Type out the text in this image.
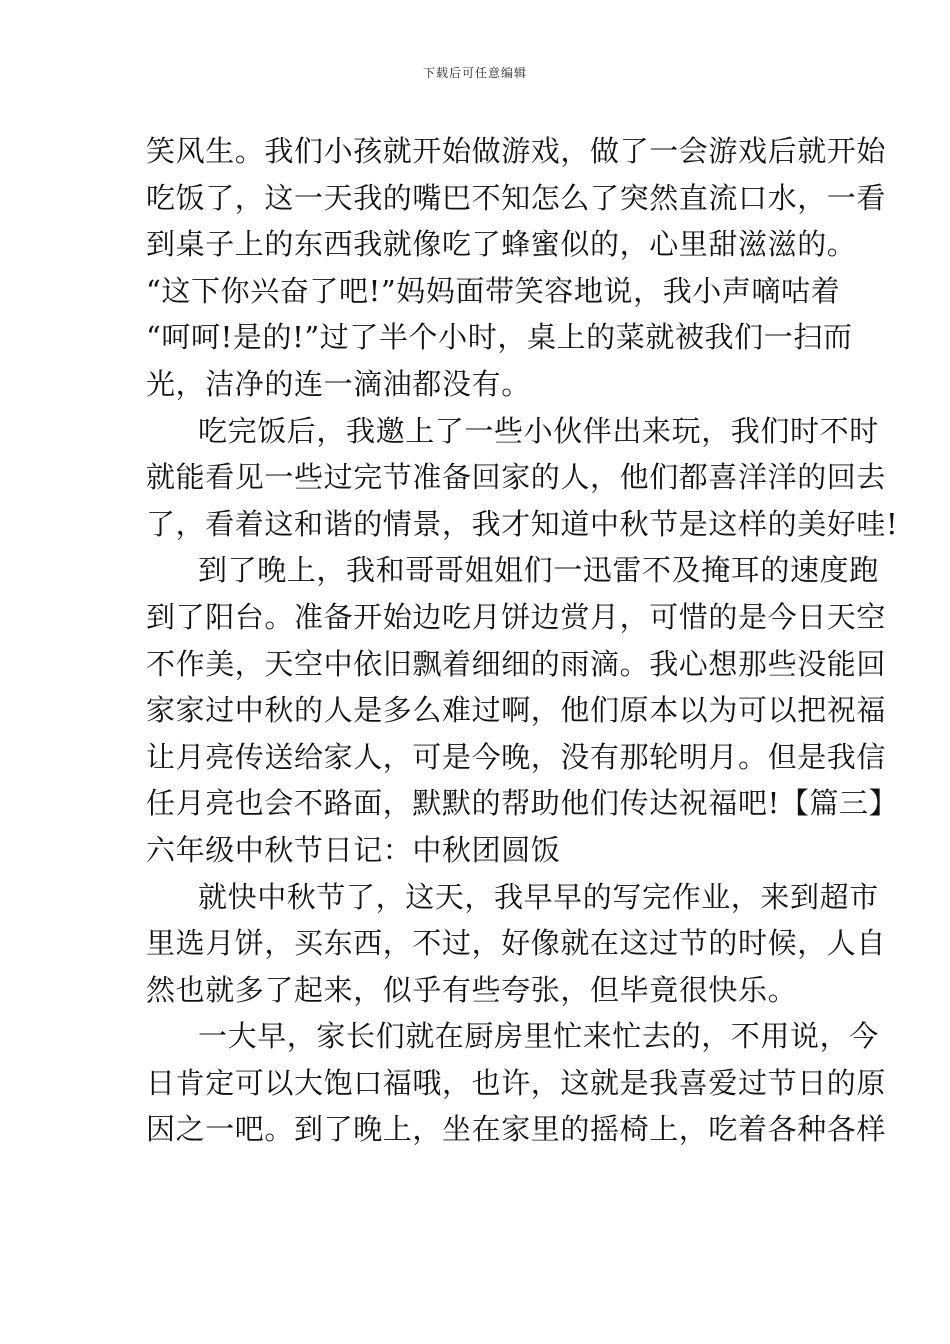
下载后可任意编辑
笑风生。我们小孩就开始做游戏，做了一会游戏后就开始
吃饭了，这一天我的嘴巴不知怎么了突然直流口水，一看
到桌子上的东西我就像吃了蜂蜜似的，心里甜滋滋的。
“这下你兴奋了吧!”妈妈面带笑容地说，我小声嘀咕着
“呵呵!是的!”过了半个小时，桌上的菜就被我们一扫而
光，洁净的连一滴油都没有。
吃完饭后，我邀上了一些小伙伴出来玩，我们时不时
就能看见一些过完节准备回家的人，他们都喜洋洋的回去
了，看着这和谐的情景，我才知道中秋节是这样的美好哇!
到了晚上，我和哥哥姐姐们一迅雷不及掩耳的速度跑
到了阳台。准备开始边吃月饼边赏月，可惜的是今日天空
不作美，天空中依旧飘着细细的雨滴。我心想那些没能回
家家过中秋的人是多么难过啊，他们原本以为可以把祝福
让月亮传送给家人，可是今晚，没有那轮明月。但是我信
任月亮也会不路面，默默的帮助他们传达祝福吧!【篇三】
六年级中秋节日记：中秋团圆饭
就快中秋节了，这天，我早早的写完作业，来到超市
里选月饼，买东西，不过，好像就在这过节的时候，人自
然也就多了起来，似乎有些夸张，但毕竟很快乐。
一大早，家长们就在厨房里忙来忙去的，不用说，今
日肯定可以大饱口福哦，也许，这就是我喜爱过节日的原
因之一吧。到了晚上，坐在家里的摇椅上，吃着各种各样
